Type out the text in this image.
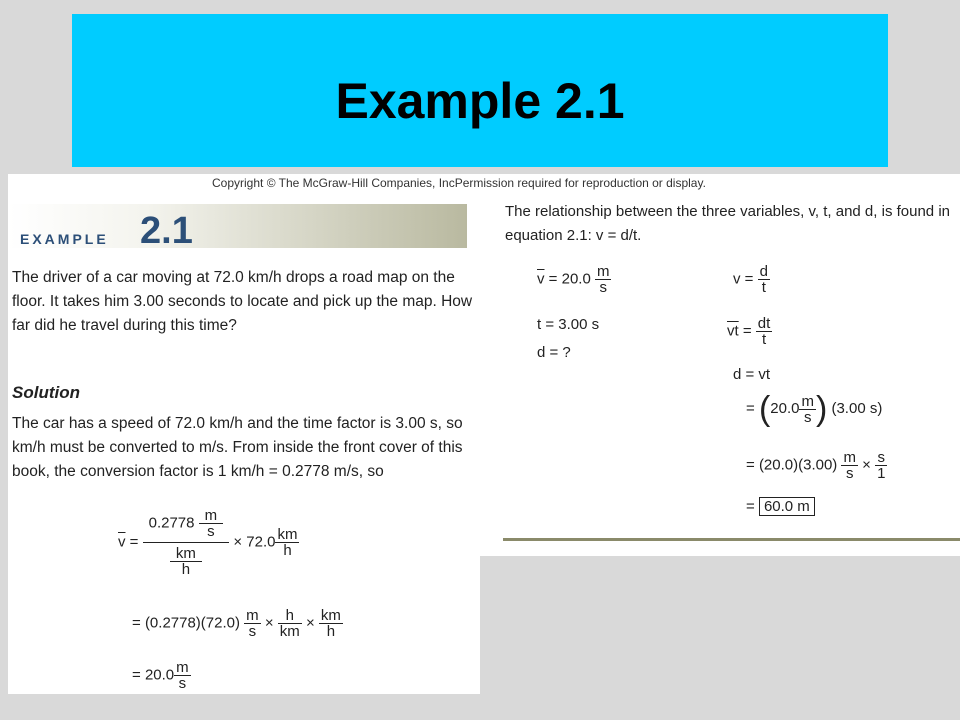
Example 2.1
Copyright © The McGraw-Hill Companies, IncPermission required for reproduction or display.
EXAMPLE 2.1
The driver of a car moving at 72.0 km/h drops a road map on the
floor. It takes him 3.00 seconds to locate and pick up the map. How
far did he travel during this time?
Solution
The car has a speed of 72.0 km/h and the time factor is 3.00 s, so
km/h must be converted to m/s. From inside the front cover of this
book, the conversion factor is 1 km/h = 0.2778 m/s, so
$\overline{v} = \frac{0.2778 \frac{m}{s}}{\frac{km}{h}} \times 72.0 \frac{km}{h}$
= $(0.2778)(72.0) \frac{m}{s} \times \frac{h}{km} \times \frac{km}{h}$
= $20.0 \frac{m}{s}$
The relationship between the three variables, v, t, and d, is found in
equation 2.1: v = d/t.
$\overline{v} = 20.0 \frac{m}{s}$
t = 3.00 s
d = ?
$v = \frac{d}{t}$
$\overline{vt} = \frac{dt}{t}$
d = vt
= ($20.0 \frac{m}{s}$ ) (3.00 s)
= $(20.0)(3.00) \frac{m}{s} \times \frac{s}{1}$
= 60.0 m
